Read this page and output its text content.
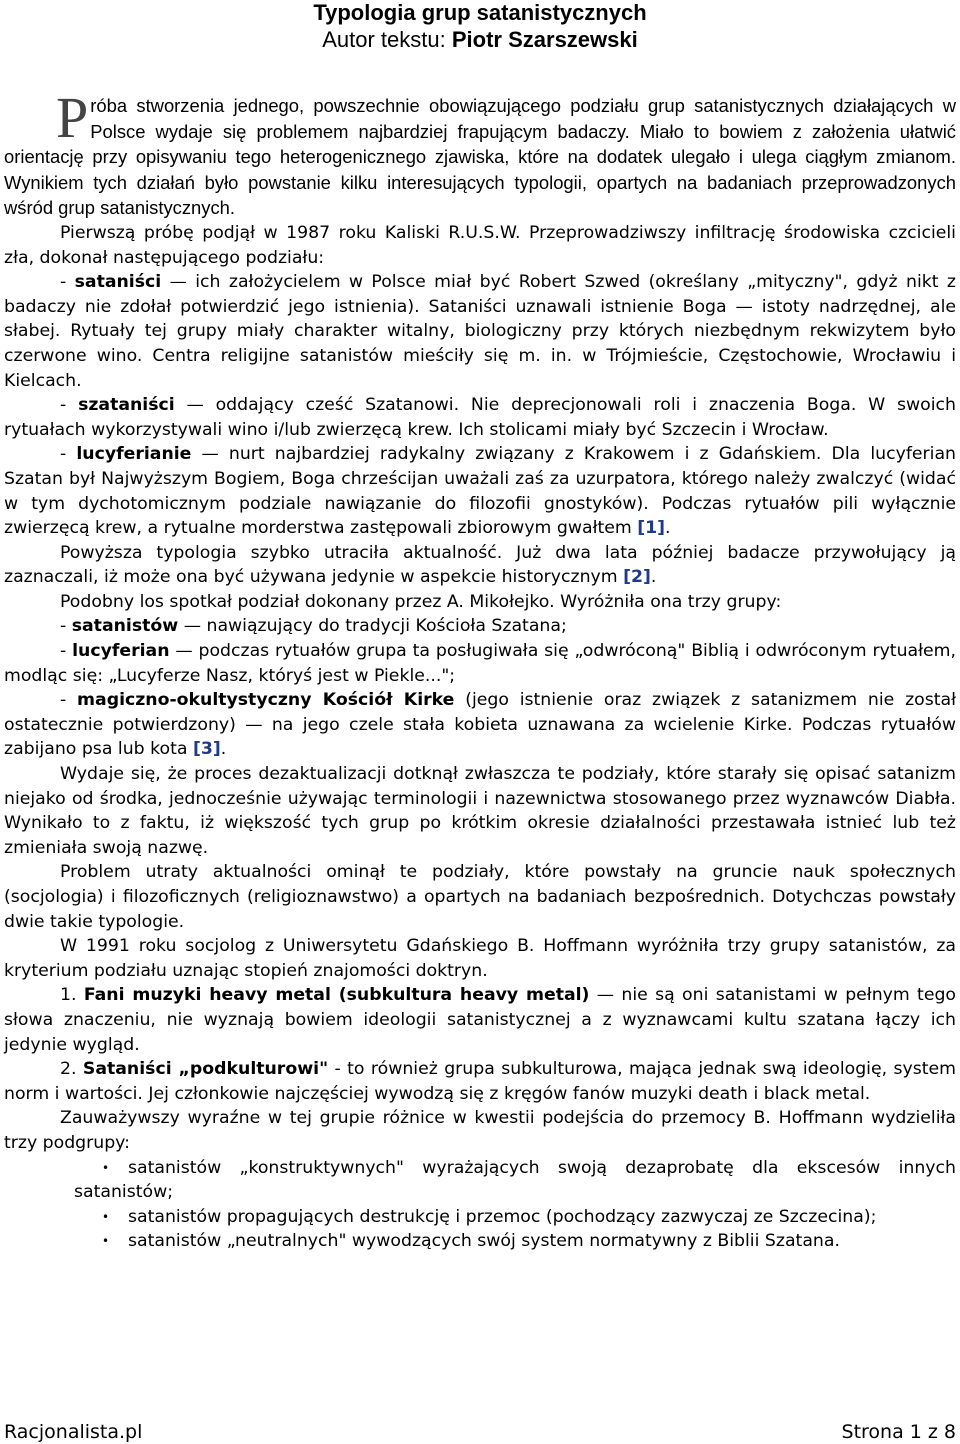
Typologia grup satanistycznych
Autor tekstu: Piotr Szarszewski

Próba stworzenia jednego, powszechnie obowiązującego podziału grup satanistycznych działających w Polsce wydaje się problemem najbardziej frapującym badaczy. Miało to bowiem z założenia ułatwić orientację przy opisywaniu tego heterogenicznego zjawiska, które na dodatek ulegało i ulega ciągłym zmianom. Wynikiem tych działań było powstanie kilku interesujących typologii, opartych na badaniach przeprowadzonych wśród grup satanistycznych.

Pierwszą próbę podjął w 1987 roku Kaliski R.U.S.W. Przeprowadziwszy infiltrację środowiska czcicieli zła, dokonał następującego podziału:

- sataniści — ich założycielem w Polsce miał być Robert Szwed (określany „mityczny", gdyż nikt z badaczy nie zdołał potwierdzić jego istnienia). Sataniści uznawali istnienie Boga — istoty nadrzędnej, ale słabej. Rytuały tej grupy miały charakter witalny, biologiczny przy których niezbędnym rekwizytem było czerwone wino. Centra religijne satanistów mieściły się m. in. w Trójmieście, Częstochowie, Wrocławiu i Kielcach.

- szataniści — oddający cześć Szatanowi. Nie deprecjonowali roli i znaczenia Boga. W swoich rytuałach wykorzystywali wino i/lub zwierzęcą krew. Ich stolicami miały być Szczecin i Wrocław.

- lucyferianie — nurt najbardziej radykalny związany z Krakowem i z Gdańskiem. Dla lucyferian Szatan był Najwyższym Bogiem, Boga chrześcijan uważali zaś za uzurpatora, którego należy zwalczyć (widać w tym dychotomicznym podziale nawiązanie do filozofii gnostyków). Podczas rytuałów pili wyłącznie zwierzęcą krew, a rytualne morderstwa zastępowali zbiorowym gwałtem [1].

Powyższa typologia szybko utraciła aktualność. Już dwa lata później badacze przywołujący ją zaznaczali, iż może ona być używana jedynie w aspekcie historycznym [2].

Podobny los spotkał podział dokonany przez A. Mikołejko. Wyróżniła ona trzy grupy:

- satanistów — nawiązujący do tradycji Kościoła Szatana;

- lucyferian — podczas rytuałów grupa ta posługiwała się „odwróconą" Biblią i odwróconym rytuałem, modląc się: „Lucyferze Nasz, któryś jest w Piekle...";

- magiczno-okultystyczny Kościół Kirke (jego istnienie oraz związek z satanizmem nie został ostatecznie potwierdzony) — na jego czele stała kobieta uznawana za wcielenie Kirke. Podczas rytuałów zabijano psa lub kota [3].

Wydaje się, że proces dezaktualizacji dotknął zwłaszcza te podziały, które starały się opisać satanizm niejako od środka, jednocześnie używając terminologii i nazewnictwa stosowanego przez wyznawców Diabła. Wynikało to z faktu, iż większość tych grup po krótkim okresie działalności przestawała istnieć lub też zmieniała swoją nazwę.

Problem utraty aktualności ominął te podziały, które powstały na gruncie nauk społecznych (socjologia) i filozoficznych (religioznawstwo) a opartych na badaniach bezpośrednich. Dotychczas powstały dwie takie typologie.

W 1991 roku socjolog z Uniwersytetu Gdańskiego B. Hoffmann wyróżniła trzy grupy satanistów, za kryterium podziału uznając stopień znajomości doktryn.

1. Fani muzyki heavy metal (subkultura heavy metal) — nie są oni satanistami w pełnym tego słowa znaczeniu, nie wyznają bowiem ideologii satanistycznej a z wyznawcami kultu szatana łączy ich jedynie wygląd.

2. Sataniści „podkulturowi" - to również grupa subkulturowa, mająca jednak swą ideologię, system norm i wartości. Jej członkowie najczęściej wywodzą się z kręgów fanów muzyki death i black metal.

Zauważywszy wyraźne w tej grupie różnice w kwestii podejścia do przemocy B. Hoffmann wydzieliła trzy podgrupy:

•	satanistów „konstruktywnych" wyrażających swoją dezaprobatę dla ekscesów innych satanistów;

•	satanistów propagujących destrukcję i przemoc (pochodzący zazwyczaj ze Szczecina);

•	satanistów „neutralnych" wywodzących swój system normatywny z Biblii Szatana.

Racjonalista.pl	Strona 1 z 8
